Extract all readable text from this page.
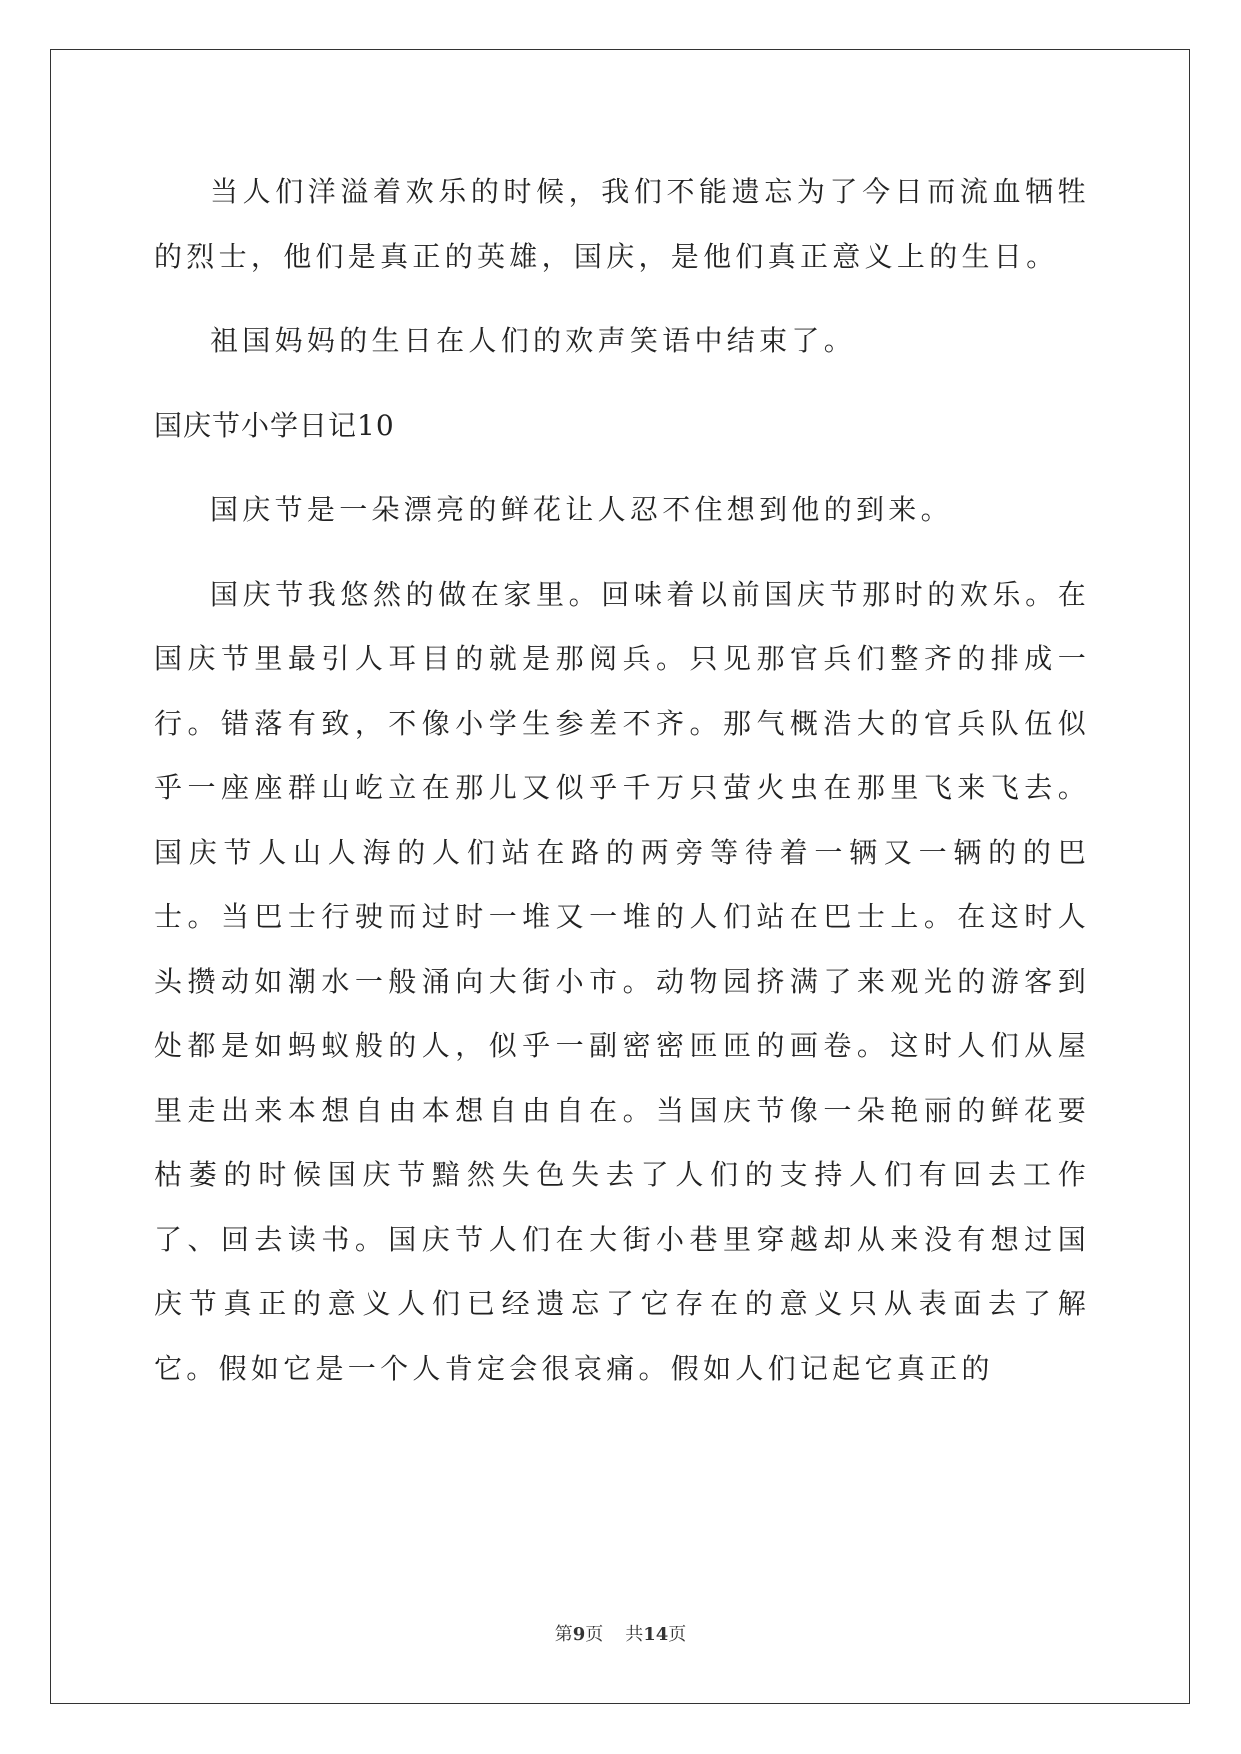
当人们洋溢着欢乐的时候，我们不能遗忘为了今日而流血牺牲的烈士，他们是真正的英雄，国庆，是他们真正意义上的生日。

祖国妈妈的生日在人们的欢声笑语中结束了。

国庆节小学日记10

国庆节是一朵漂亮的鲜花让人忍不住想到他的到来。

国庆节我悠然的做在家里。回味着以前国庆节那时的欢乐。在国庆节里最引人耳目的就是那阅兵。只见那官兵们整齐的排成一行。错落有致，不像小学生参差不齐。那气概浩大的官兵队伍似乎一座座群山屹立在那儿又似乎千万只萤火虫在那里飞来飞去。国庆节人山人海的人们站在路的两旁等待着一辆又一辆的的巴士。当巴士行驶而过时一堆又一堆的人们站在巴士上。在这时人头攒动如潮水一般涌向大街小市。动物园挤满了来观光的游客到处都是如蚂蚁般的人，似乎一副密密匝匝的画卷。这时人们从屋里走出来本想自由本想自由自在。当国庆节像一朵艳丽的鲜花要枯萎的时候国庆节黯然失色失去了人们的支持人们有回去工作了、回去读书。国庆节人们在大街小巷里穿越却从来没有想过国庆节真正的意义人们已经遗忘了它存在的意义只从表面去了解它。假如它是一个人肯定会很哀痛。假如人们记起它真正的

第9页 共14页
